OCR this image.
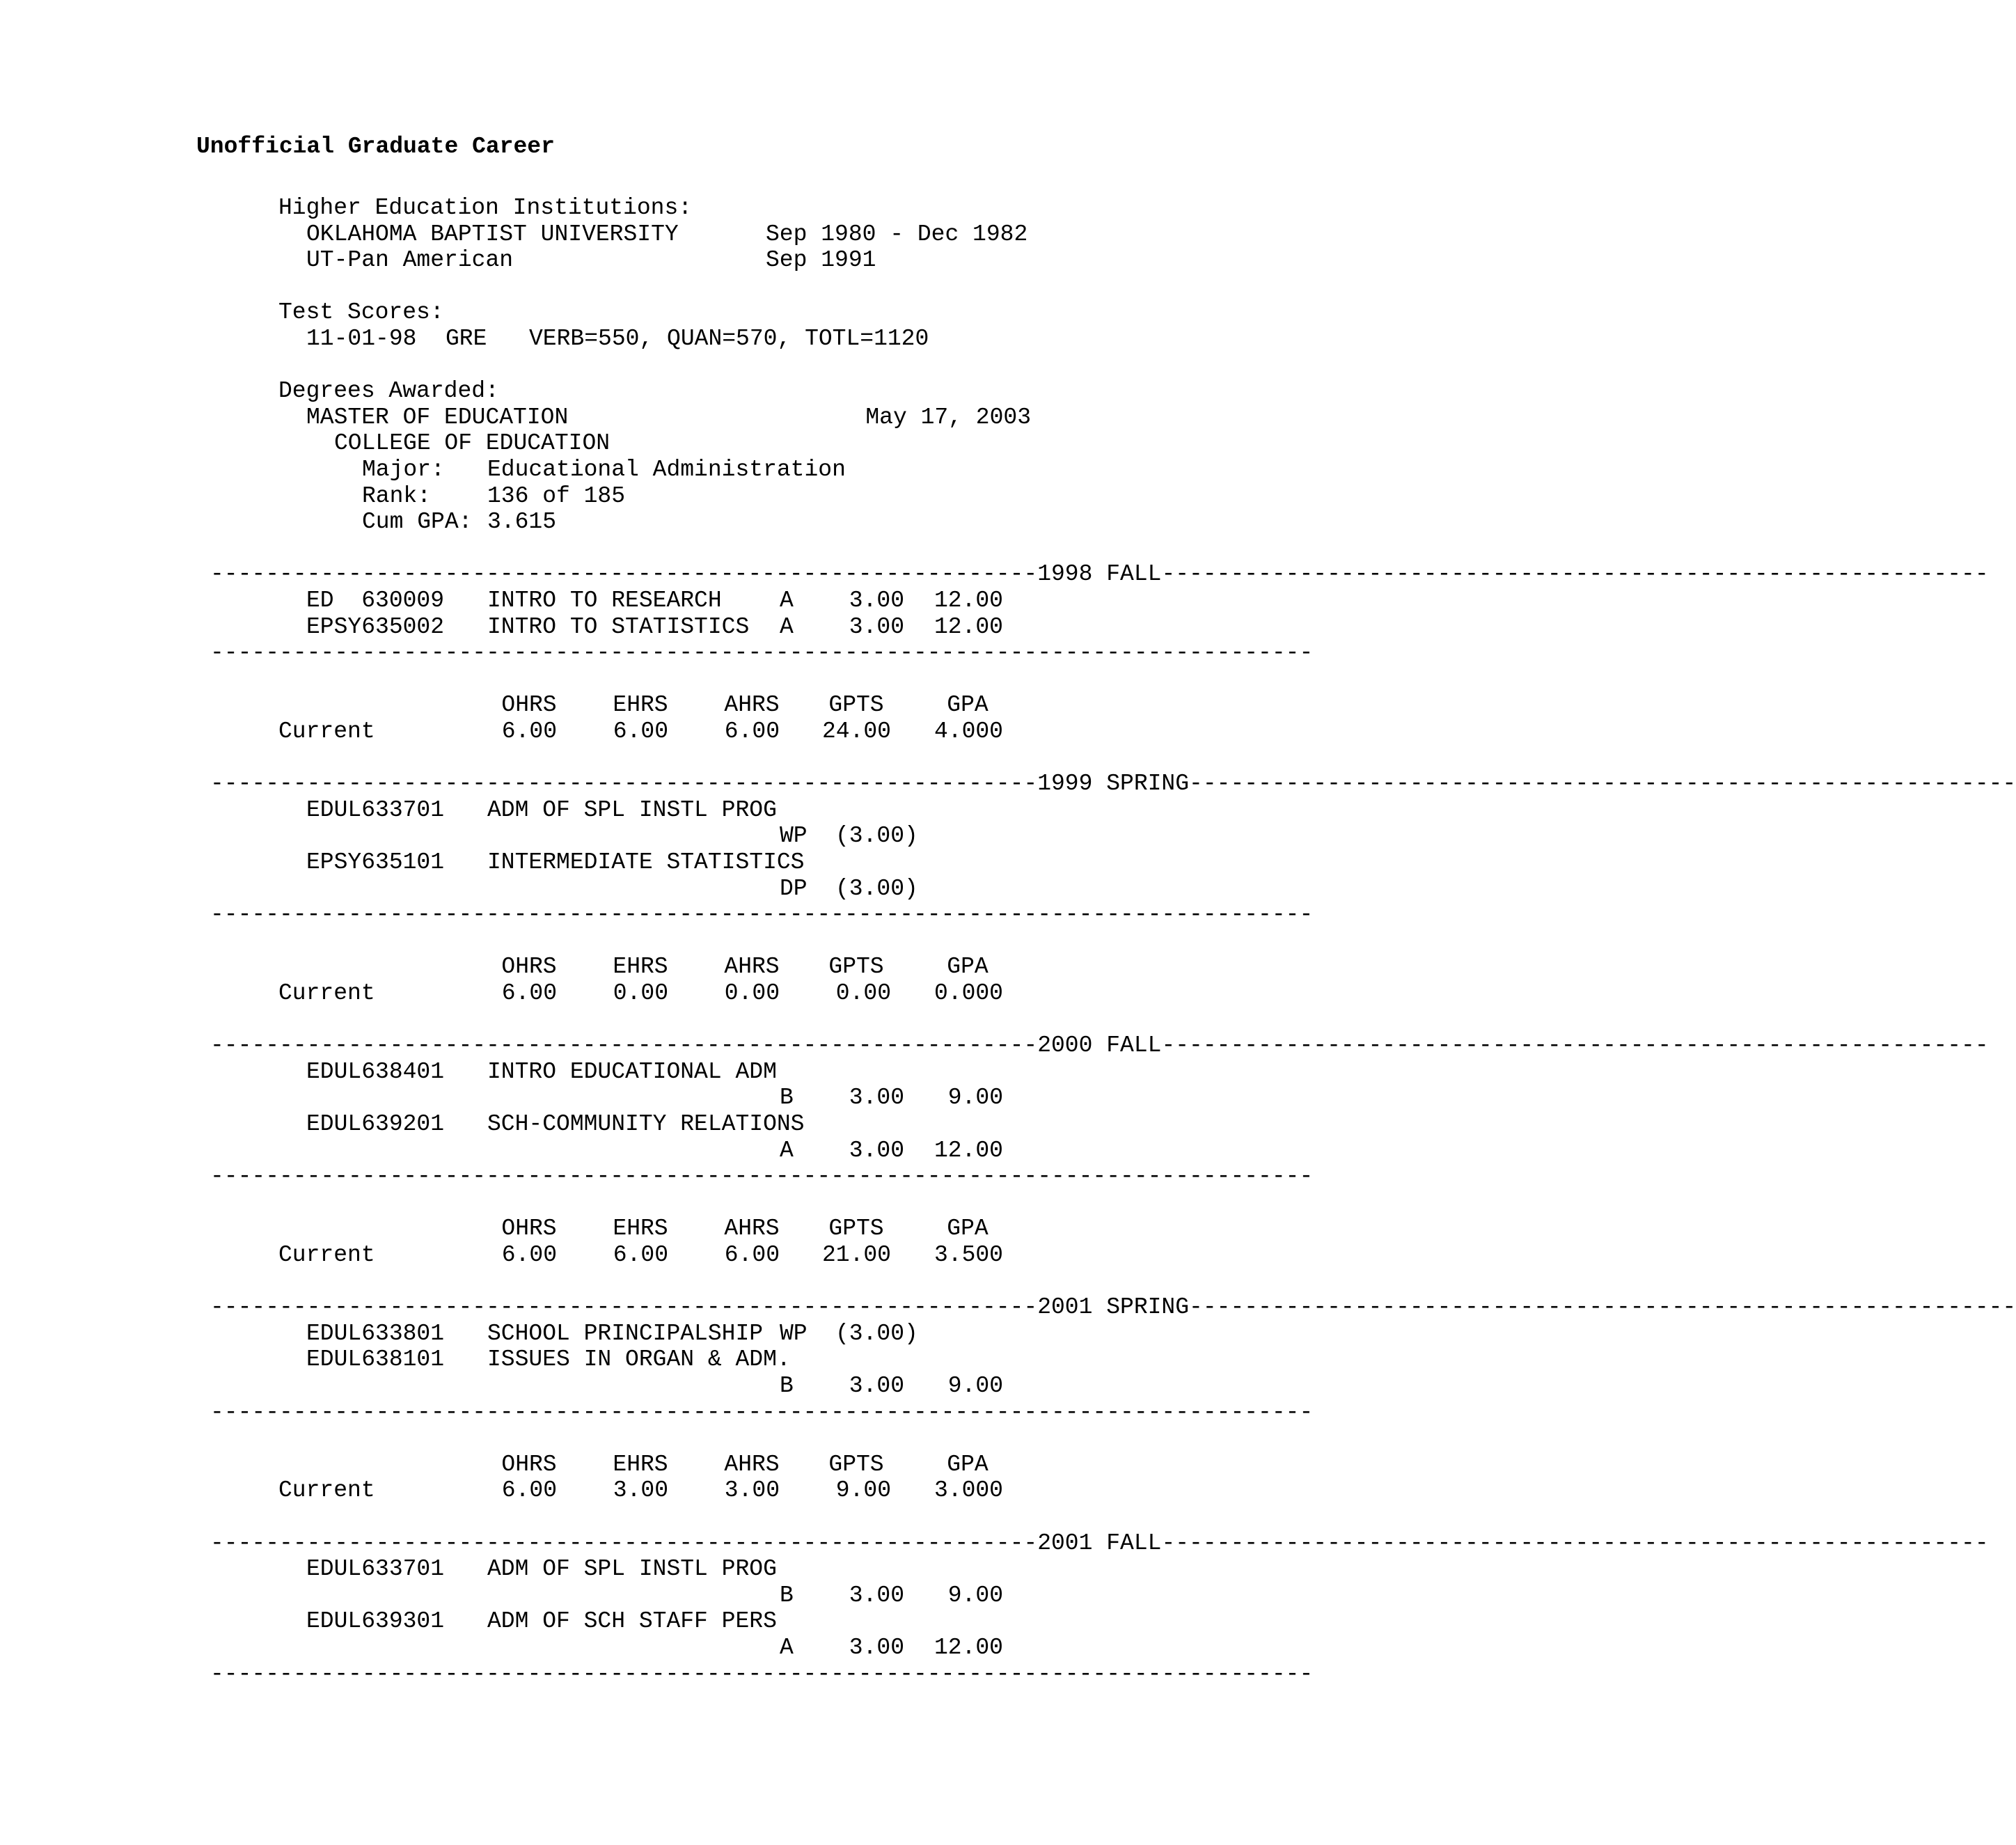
Unofficial Graduate Career
Higher Education Institutions:
OKLAHOMA BAPTIST UNIVERSITY	Sep 1980 - Dec 1982
UT-Pan American	Sep 1991
Test Scores:
11-01-98 GRE VERB=550, QUAN=570, TOTL=1120
Degrees Awarded:
MASTER OF EDUCATION	May 17, 2003
COLLEGE OF EDUCATION
Major: Educational Administration
Rank: 136 of 185
Cum GPA: 3.615
------------------------------------------------------------ 1998 FALL ------------------------------------------------------------
ED  630009 INTRO TO RESEARCH	A	3.00	12.00
EPSY635002 INTRO TO STATISTICS A	3.00	12.00
--------------------------------------------------------------------------------
OHRS	EHRS	AHRS	GPTS	GPA
Current	6.00	6.00	6.00	24.00	4.000
------------------------------------------------------------ 1999 SPRING ------------------------------------------------------------
EDUL633701 ADM OF SPL INSTL PROG
WP (3.00)
EPSY635101 INTERMEDIATE STATISTICS
DP (3.00)
--------------------------------------------------------------------------------
OHRS	EHRS	AHRS	GPTS	GPA
Current	6.00	0.00	0.00	0.00	0.000
------------------------------------------------------------ 2000 FALL ------------------------------------------------------------
EDUL638401 INTRO EDUCATIONAL ADM
B	3.00	9.00
EDUL639201 SCH-COMMUNITY RELATIONS
A	3.00	12.00
--------------------------------------------------------------------------------
OHRS	EHRS	AHRS	GPTS	GPA
Current	6.00	6.00	6.00	21.00	3.500
------------------------------------------------------------ 2001 SPRING ------------------------------------------------------------
EDUL633801 SCHOOL PRINCIPALSHIP WP (3.00)
EDUL638101 ISSUES IN ORGAN & ADM.
B	3.00	9.00
--------------------------------------------------------------------------------
OHRS	EHRS	AHRS	GPTS	GPA
Current	6.00	3.00	3.00	9.00	3.000
------------------------------------------------------------ 2001 FALL ------------------------------------------------------------
EDUL633701 ADM OF SPL INSTL PROG
B	3.00	9.00
EDUL639301 ADM OF SCH STAFF PERS
A	3.00	12.00
--------------------------------------------------------------------------------
